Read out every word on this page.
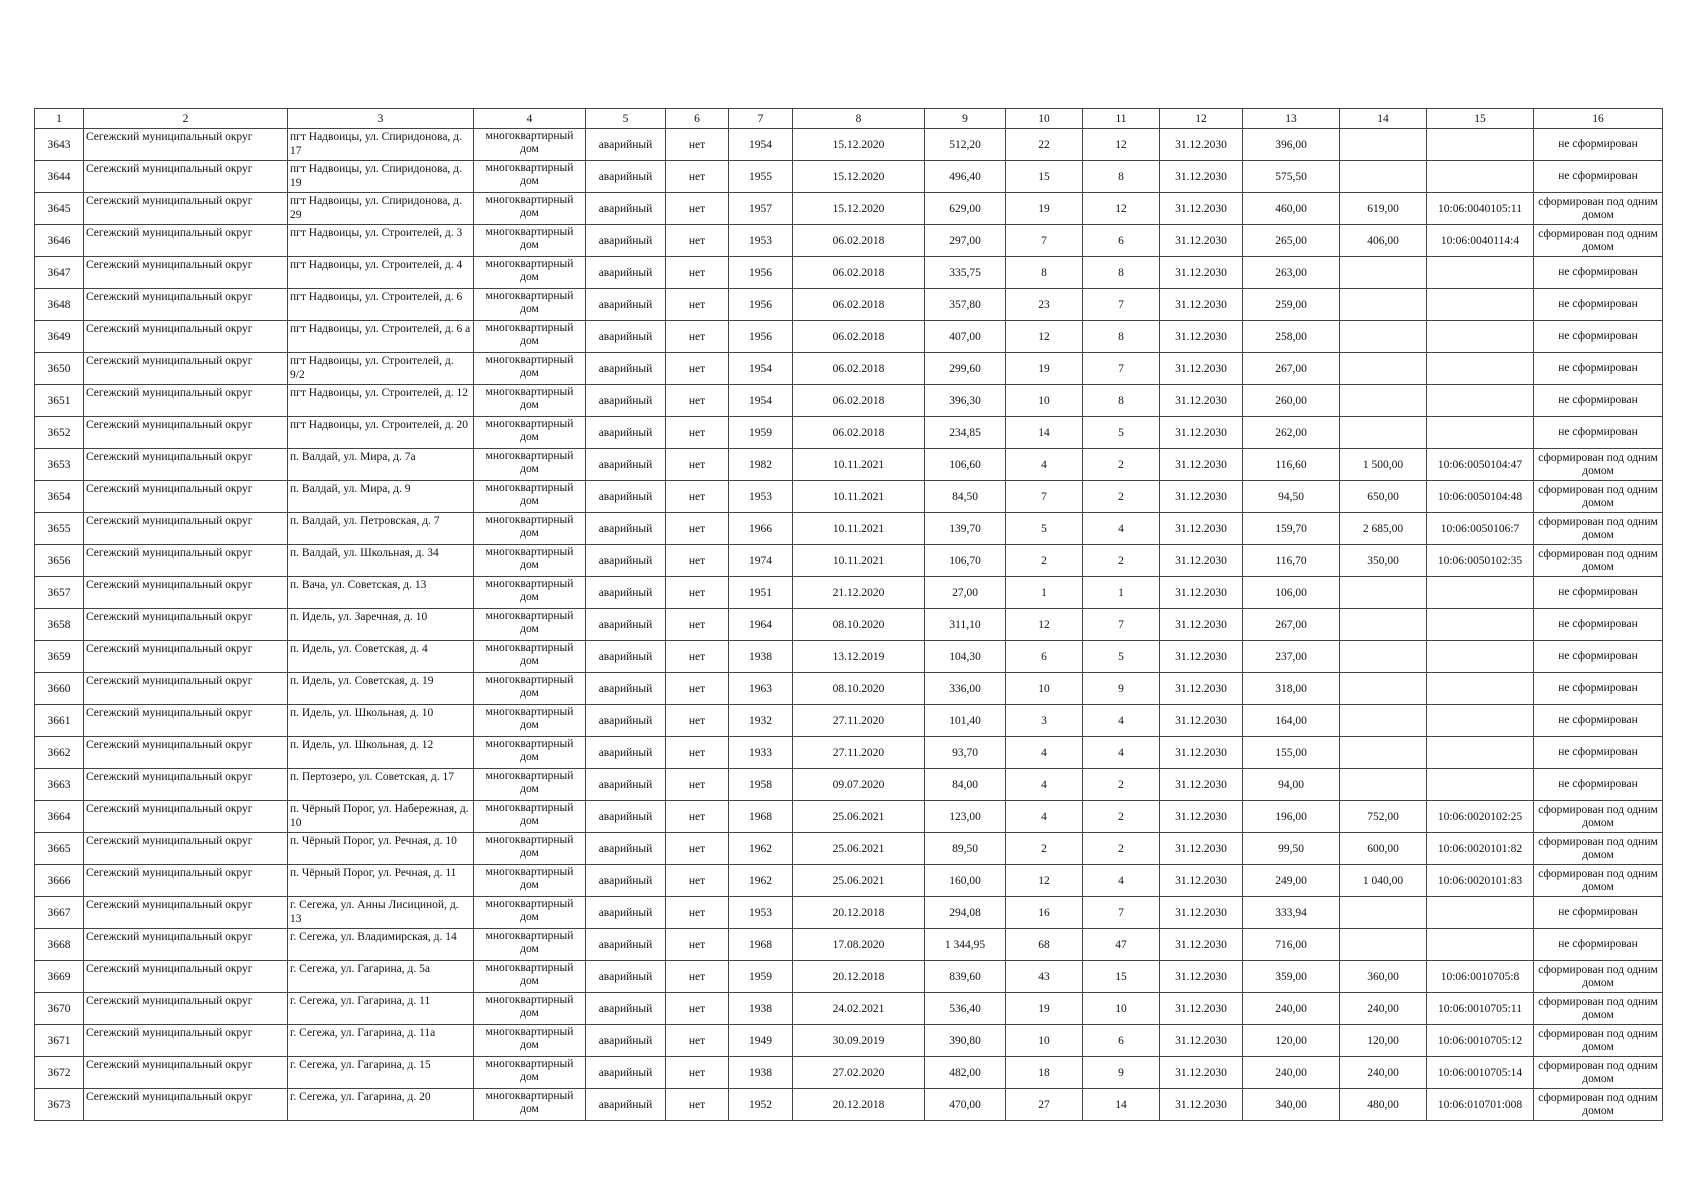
1	2	3	4	5	6	7	8	9	10	11	12	13	14	15	16
3643	Сегежский муниципальный округ	пгт Надвоицы, ул. Спиридонова, д. 17	многоквартирный дом	аварийный	нет	1954	15.12.2020	512,20	22	12	31.12.2030	396,00			не сформирован
3644	Сегежский муниципальный округ	пгт Надвоицы, ул. Спиридонова, д. 19	многоквартирный дом	аварийный	нет	1955	15.12.2020	496,40	15	8	31.12.2030	575,50			не сформирован
3645	Сегежский муниципальный округ	пгт Надвоицы, ул. Спиридонова, д. 29	многоквартирный дом	аварийный	нет	1957	15.12.2020	629,00	19	12	31.12.2030	460,00	619,00	10:06:0040105:11	сформирован под одним домом
3646	Сегежский муниципальный округ	пгт Надвоицы, ул. Строителей, д. 3	многоквартирный дом	аварийный	нет	1953	06.02.2018	297,00	7	6	31.12.2030	265,00	406,00	10:06:0040114:4	сформирован под одним домом
3647	Сегежский муниципальный округ	пгт Надвоицы, ул. Строителей, д. 4	многоквартирный дом	аварийный	нет	1956	06.02.2018	335,75	8	8	31.12.2030	263,00			не сформирован
3648	Сегежский муниципальный округ	пгт Надвоицы, ул. Строителей, д. 6	многоквартирный дом	аварийный	нет	1956	06.02.2018	357,80	23	7	31.12.2030	259,00			не сформирован
3649	Сегежский муниципальный округ	пгт Надвоицы, ул. Строителей, д. 6 а	многоквартирный дом	аварийный	нет	1956	06.02.2018	407,00	12	8	31.12.2030	258,00			не сформирован
3650	Сегежский муниципальный округ	пгт Надвоицы, ул. Строителей, д. 9/2	многоквартирный дом	аварийный	нет	1954	06.02.2018	299,60	19	7	31.12.2030	267,00			не сформирован
3651	Сегежский муниципальный округ	пгт Надвоицы, ул. Строителей, д. 12	многоквартирный дом	аварийный	нет	1954	06.02.2018	396,30	10	8	31.12.2030	260,00			не сформирован
3652	Сегежский муниципальный округ	пгт Надвоицы, ул. Строителей, д. 20	многоквартирный дом	аварийный	нет	1959	06.02.2018	234,85	14	5	31.12.2030	262,00			не сформирован
3653	Сегежский муниципальный округ	п. Валдай, ул. Мира, д. 7а	многоквартирный дом	аварийный	нет	1982	10.11.2021	106,60	4	2	31.12.2030	116,60	1 500,00	10:06:0050104:47	сформирован под одним домом
3654	Сегежский муниципальный округ	п. Валдай, ул. Мира, д. 9	многоквартирный дом	аварийный	нет	1953	10.11.2021	84,50	7	2	31.12.2030	94,50	650,00	10:06:0050104:48	сформирован под одним домом
3655	Сегежский муниципальный округ	п. Валдай, ул. Петровская, д. 7	многоквартирный дом	аварийный	нет	1966	10.11.2021	139,70	5	4	31.12.2030	159,70	2 685,00	10:06:0050106:7	сформирован под одним домом
3656	Сегежский муниципальный округ	п. Валдай, ул. Школьная, д. 34	многоквартирный дом	аварийный	нет	1974	10.11.2021	106,70	2	2	31.12.2030	116,70	350,00	10:06:0050102:35	сформирован под одним домом
3657	Сегежский муниципальный округ	п. Вача, ул. Советская, д. 13	многоквартирный дом	аварийный	нет	1951	21.12.2020	27,00	1	1	31.12.2030	106,00			не сформирован
3658	Сегежский муниципальный округ	п. Идель, ул. Заречная, д. 10	многоквартирный дом	аварийный	нет	1964	08.10.2020	311,10	12	7	31.12.2030	267,00			не сформирован
3659	Сегежский муниципальный округ	п. Идель, ул. Советская, д. 4	многоквартирный дом	аварийный	нет	1938	13.12.2019	104,30	6	5	31.12.2030	237,00			не сформирован
3660	Сегежский муниципальный округ	п. Идель, ул. Советская, д. 19	многоквартирный дом	аварийный	нет	1963	08.10.2020	336,00	10	9	31.12.2030	318,00			не сформирован
3661	Сегежский муниципальный округ	п. Идель, ул. Школьная, д. 10	многоквартирный дом	аварийный	нет	1932	27.11.2020	101,40	3	4	31.12.2030	164,00			не сформирован
3662	Сегежский муниципальный округ	п. Идель, ул. Школьная, д. 12	многоквартирный дом	аварийный	нет	1933	27.11.2020	93,70	4	4	31.12.2030	155,00			не сформирован
3663	Сегежский муниципальный округ	п. Пертозеро, ул. Советская, д. 17	многоквартирный дом	аварийный	нет	1958	09.07.2020	84,00	4	2	31.12.2030	94,00			не сформирован
3664	Сегежский муниципальный округ	п. Чёрный Порог, ул. Набережная, д. 10	многоквартирный дом	аварийный	нет	1968	25.06.2021	123,00	4	2	31.12.2030	196,00	752,00	10:06:0020102:25	сформирован под одним домом
3665	Сегежский муниципальный округ	п. Чёрный Порог, ул. Речная, д. 10	многоквартирный дом	аварийный	нет	1962	25.06.2021	89,50	2	2	31.12.2030	99,50	600,00	10:06:0020101:82	сформирован под одним домом
3666	Сегежский муниципальный округ	п. Чёрный Порог, ул. Речная, д. 11	многоквартирный дом	аварийный	нет	1962	25.06.2021	160,00	12	4	31.12.2030	249,00	1 040,00	10:06:0020101:83	сформирован под одним домом
3667	Сегежский муниципальный округ	г. Сегежа, ул. Анны Лисициной, д. 13	многоквартирный дом	аварийный	нет	1953	20.12.2018	294,08	16	7	31.12.2030	333,94			не сформирован
3668	Сегежский муниципальный округ	г. Сегежа, ул. Владимирская, д. 14	многоквартирный дом	аварийный	нет	1968	17.08.2020	1 344,95	68	47	31.12.2030	716,00			не сформирован
3669	Сегежский муниципальный округ	г. Сегежа, ул. Гагарина, д. 5а	многоквартирный дом	аварийный	нет	1959	20.12.2018	839,60	43	15	31.12.2030	359,00	360,00	10:06:0010705:8	сформирован под одним домом
3670	Сегежский муниципальный округ	г. Сегежа, ул. Гагарина, д. 11	многоквартирный дом	аварийный	нет	1938	24.02.2021	536,40	19	10	31.12.2030	240,00	240,00	10:06:0010705:11	сформирован под одним домом
3671	Сегежский муниципальный округ	г. Сегежа, ул. Гагарина, д. 11а	многоквартирный дом	аварийный	нет	1949	30.09.2019	390,80	10	6	31.12.2030	120,00	120,00	10:06:0010705:12	сформирован под одним домом
3672	Сегежский муниципальный округ	г. Сегежа, ул. Гагарина, д. 15	многоквартирный дом	аварийный	нет	1938	27.02.2020	482,00	18	9	31.12.2030	240,00	240,00	10:06:0010705:14	сформирован под одним домом
3673	Сегежский муниципальный округ	г. Сегежа, ул. Гагарина, д. 20	многоквартирный дом	аварийный	нет	1952	20.12.2018	470,00	27	14	31.12.2030	340,00	480,00	10:06:010701:008	сформирован под одним домом
